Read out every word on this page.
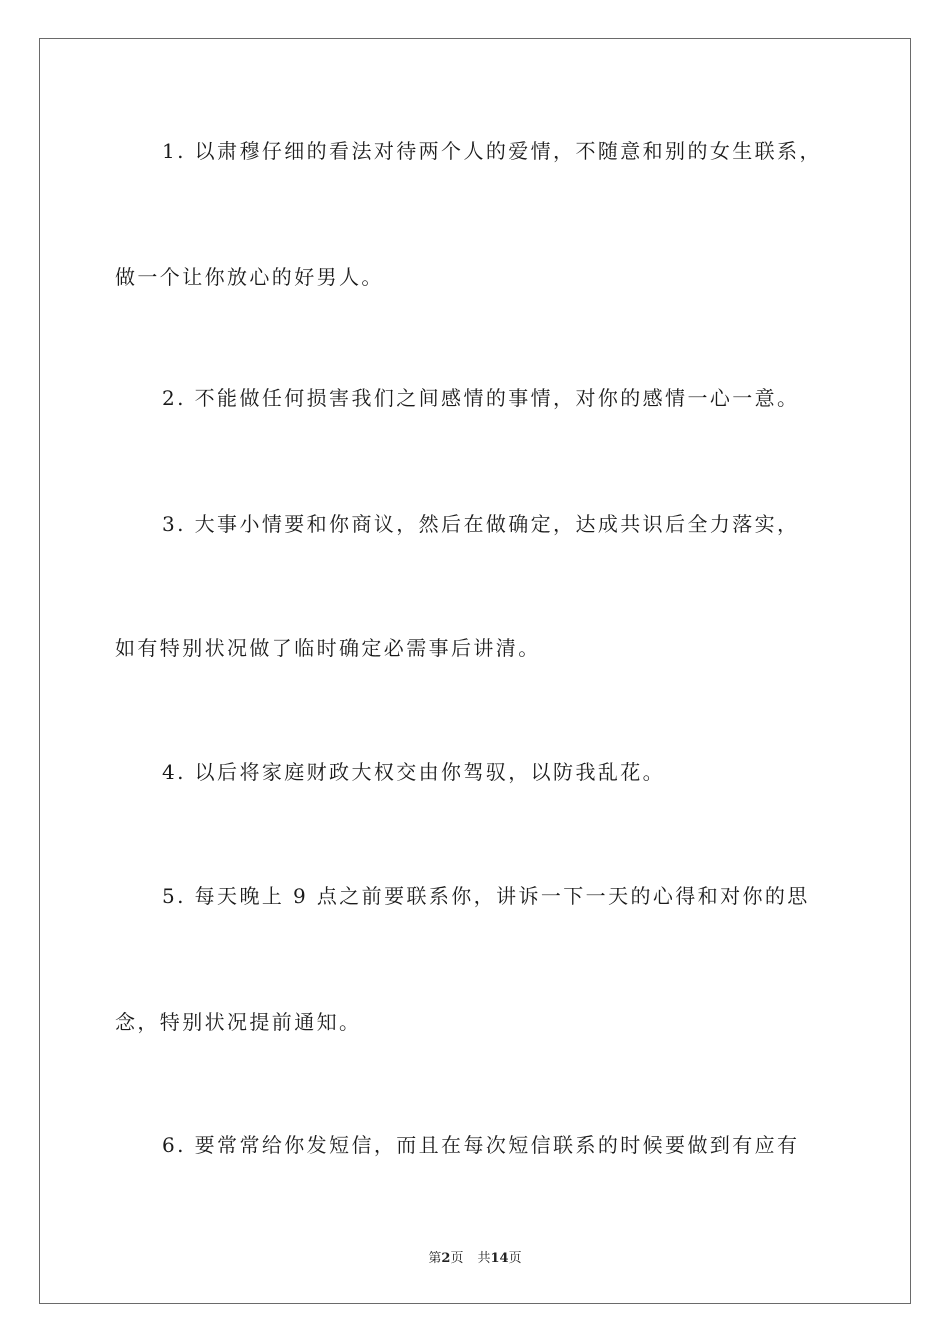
1. 以肃穆仔细的看法对待两个人的爱情，不随意和别的女生联系，
做一个让你放心的好男人。
2. 不能做任何损害我们之间感情的事情，对你的感情一心一意。
3. 大事小情要和你商议，然后在做确定，达成共识后全力落实，
如有特别状况做了临时确定必需事后讲清。
4. 以后将家庭财政大权交由你驾驭，以防我乱花。
5. 每天晚上 9 点之前要联系你，讲诉一下一天的心得和对你的思
念，特别状况提前通知。
6. 要常常给你发短信，而且在每次短信联系的时候要做到有应有
第2页 共14页
